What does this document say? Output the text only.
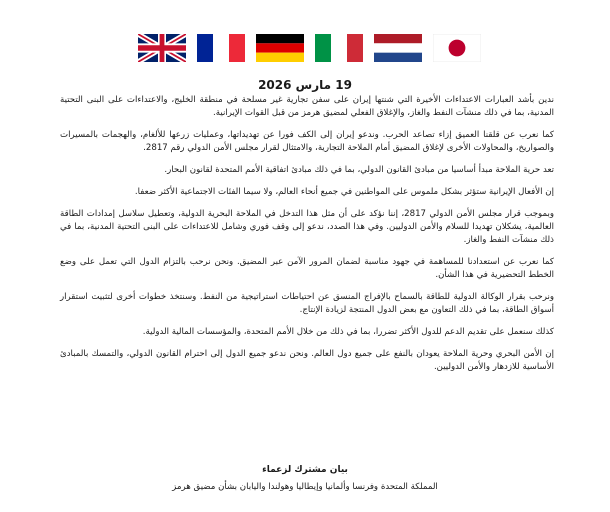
19 مارس 2026

ندين بأشد العبارات الاعتداءات الأخيرة التي شنتها إيران على سفن تجارية غير مسلحة في منطقة الخليج، والاعتداءات على البنى التحتية المدنية، بما في ذلك منشآت النفط والغاز، والإغلاق الفعلي لمضيق هرمز من قبل القوات الإيرانية.

كما نعرب عن قلقنا العميق إزاء تصاعد الحرب. وندعو إيران إلى الكف فورا عن تهديداتها، وعمليات زرعها للألغام، والهجمات بالمسيرات والصواريخ، والمحاولات الأخرى لإغلاق المضيق أمام الملاحة التجارية، والامتثال لقرار مجلس الأمن الدولي رقم 2817.

تعد حرية الملاحة مبدأ أساسيا من مبادئ القانون الدولي، بما في ذلك مبادئ اتفاقية الأمم المتحدة لقانون البحار.

إن الأفعال الإيرانية ستؤثر بشكل ملموس على المواطنين في جميع أنحاء العالم، ولا سيما الفئات الاجتماعية الأكثر ضعفا.

وبموجب قرار مجلس الأمن الدولي 2817، إننا نؤكد على أن مثل هذا التدخل في الملاحة البحرية الدولية، وتعطيل سلاسل إمدادات الطاقة العالمية، يشكلان تهديدا للسلام والأمن الدوليين. وفي هذا الصدد، ندعو إلى وقف فوري وشامل للاعتداءات على البنى التحتية المدنية، بما في ذلك منشآت النفط والغاز.

كما نعرب عن استعدادنا للمساهمة في جهود مناسبة لضمان المرور الآمن عبر المضيق. ونحن نرحب بالتزام الدول التي تعمل على وضع الخطط التحضيرية في هذا الشأن.

ونرحب بقرار الوكالة الدولية للطاقة بالسماح بالإفراج المنسق عن احتياطات استراتيجية من النفط. وسنتخذ خطوات أخرى لتثبيت استقرار أسواق الطاقة، بما في ذلك التعاون مع بعض الدول المنتجة لزيادة الإنتاج.

كذلك سنعمل على تقديم الدعم للدول الأكثر تضررا، بما في ذلك من خلال الأمم المتحدة، والمؤسسات المالية الدولية.

إن الأمن البحري وحرية الملاحة يعودان بالنفع على جميع دول العالم. ونحن ندعو جميع الدول إلى احترام القانون الدولي، والتمسك بالمبادئ الأساسية للازدهار والأمن الدوليين.

بيان مشترك لزعماء
المملكة المتحدة وفرنسا وألمانيا وإيطاليا وهولندا واليابان بشأن مضيق هرمز
